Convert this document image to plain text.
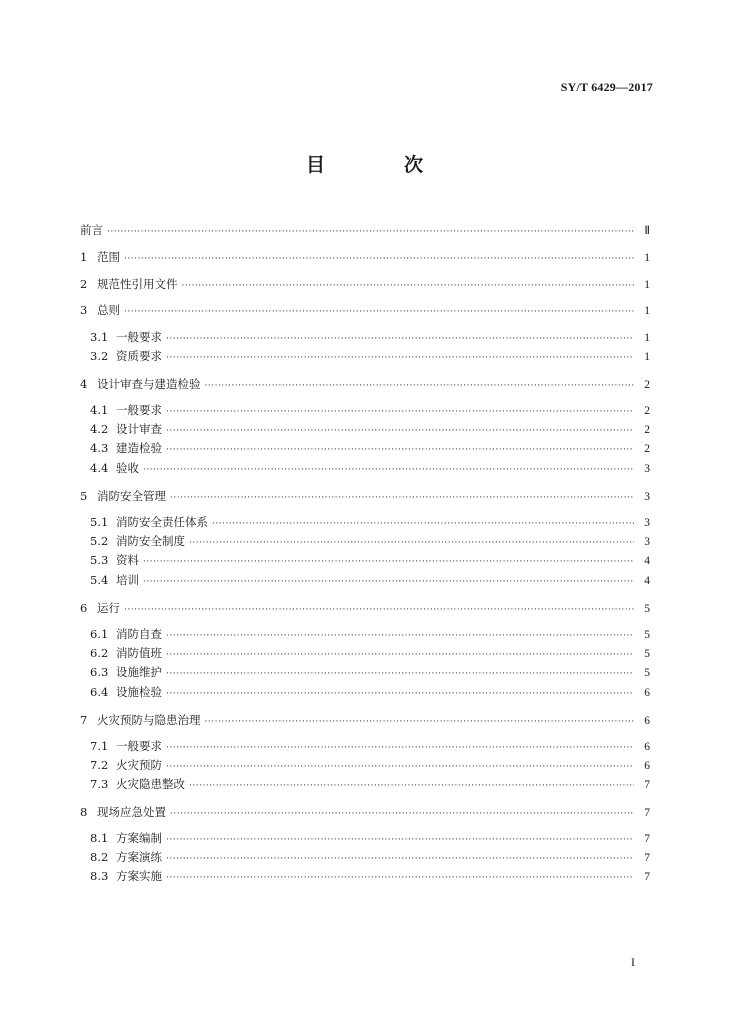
SY/T 6429—2017
目　次
前言 ·····	Ⅱ
1 范围 ·····	1
2 规范性引用文件 ·····	1
3 总则 ·····	1
3.1 一般要求 ·····	1
3.2 资质要求 ·····	1
4 设计审查与建造检验 ·····	2
4.1 一般要求 ·····	2
4.2 设计审查 ·····	2
4.3 建造检验 ·····	2
4.4 验收 ·····	3
5 消防安全管理 ·····	3
5.1 消防安全责任体系 ·····	3
5.2 消防安全制度 ·····	3
5.3 资料 ·····	4
5.4 培训 ·····	4
6 运行 ·····	5
6.1 消防自查 ·····	5
6.2 消防值班 ·····	5
6.3 设施维护 ·····	5
6.4 设施检验 ·····	6
7 火灾预防与隐患治理 ·····	6
7.1 一般要求 ·····	6
7.2 火灾预防 ·····	6
7.3 火灾隐患整改 ·····	7
8 现场应急处置 ·····	7
8.1 方案编制 ·····	7
8.2 方案演练 ·····	7
8.3 方案实施 ·····	7
I
